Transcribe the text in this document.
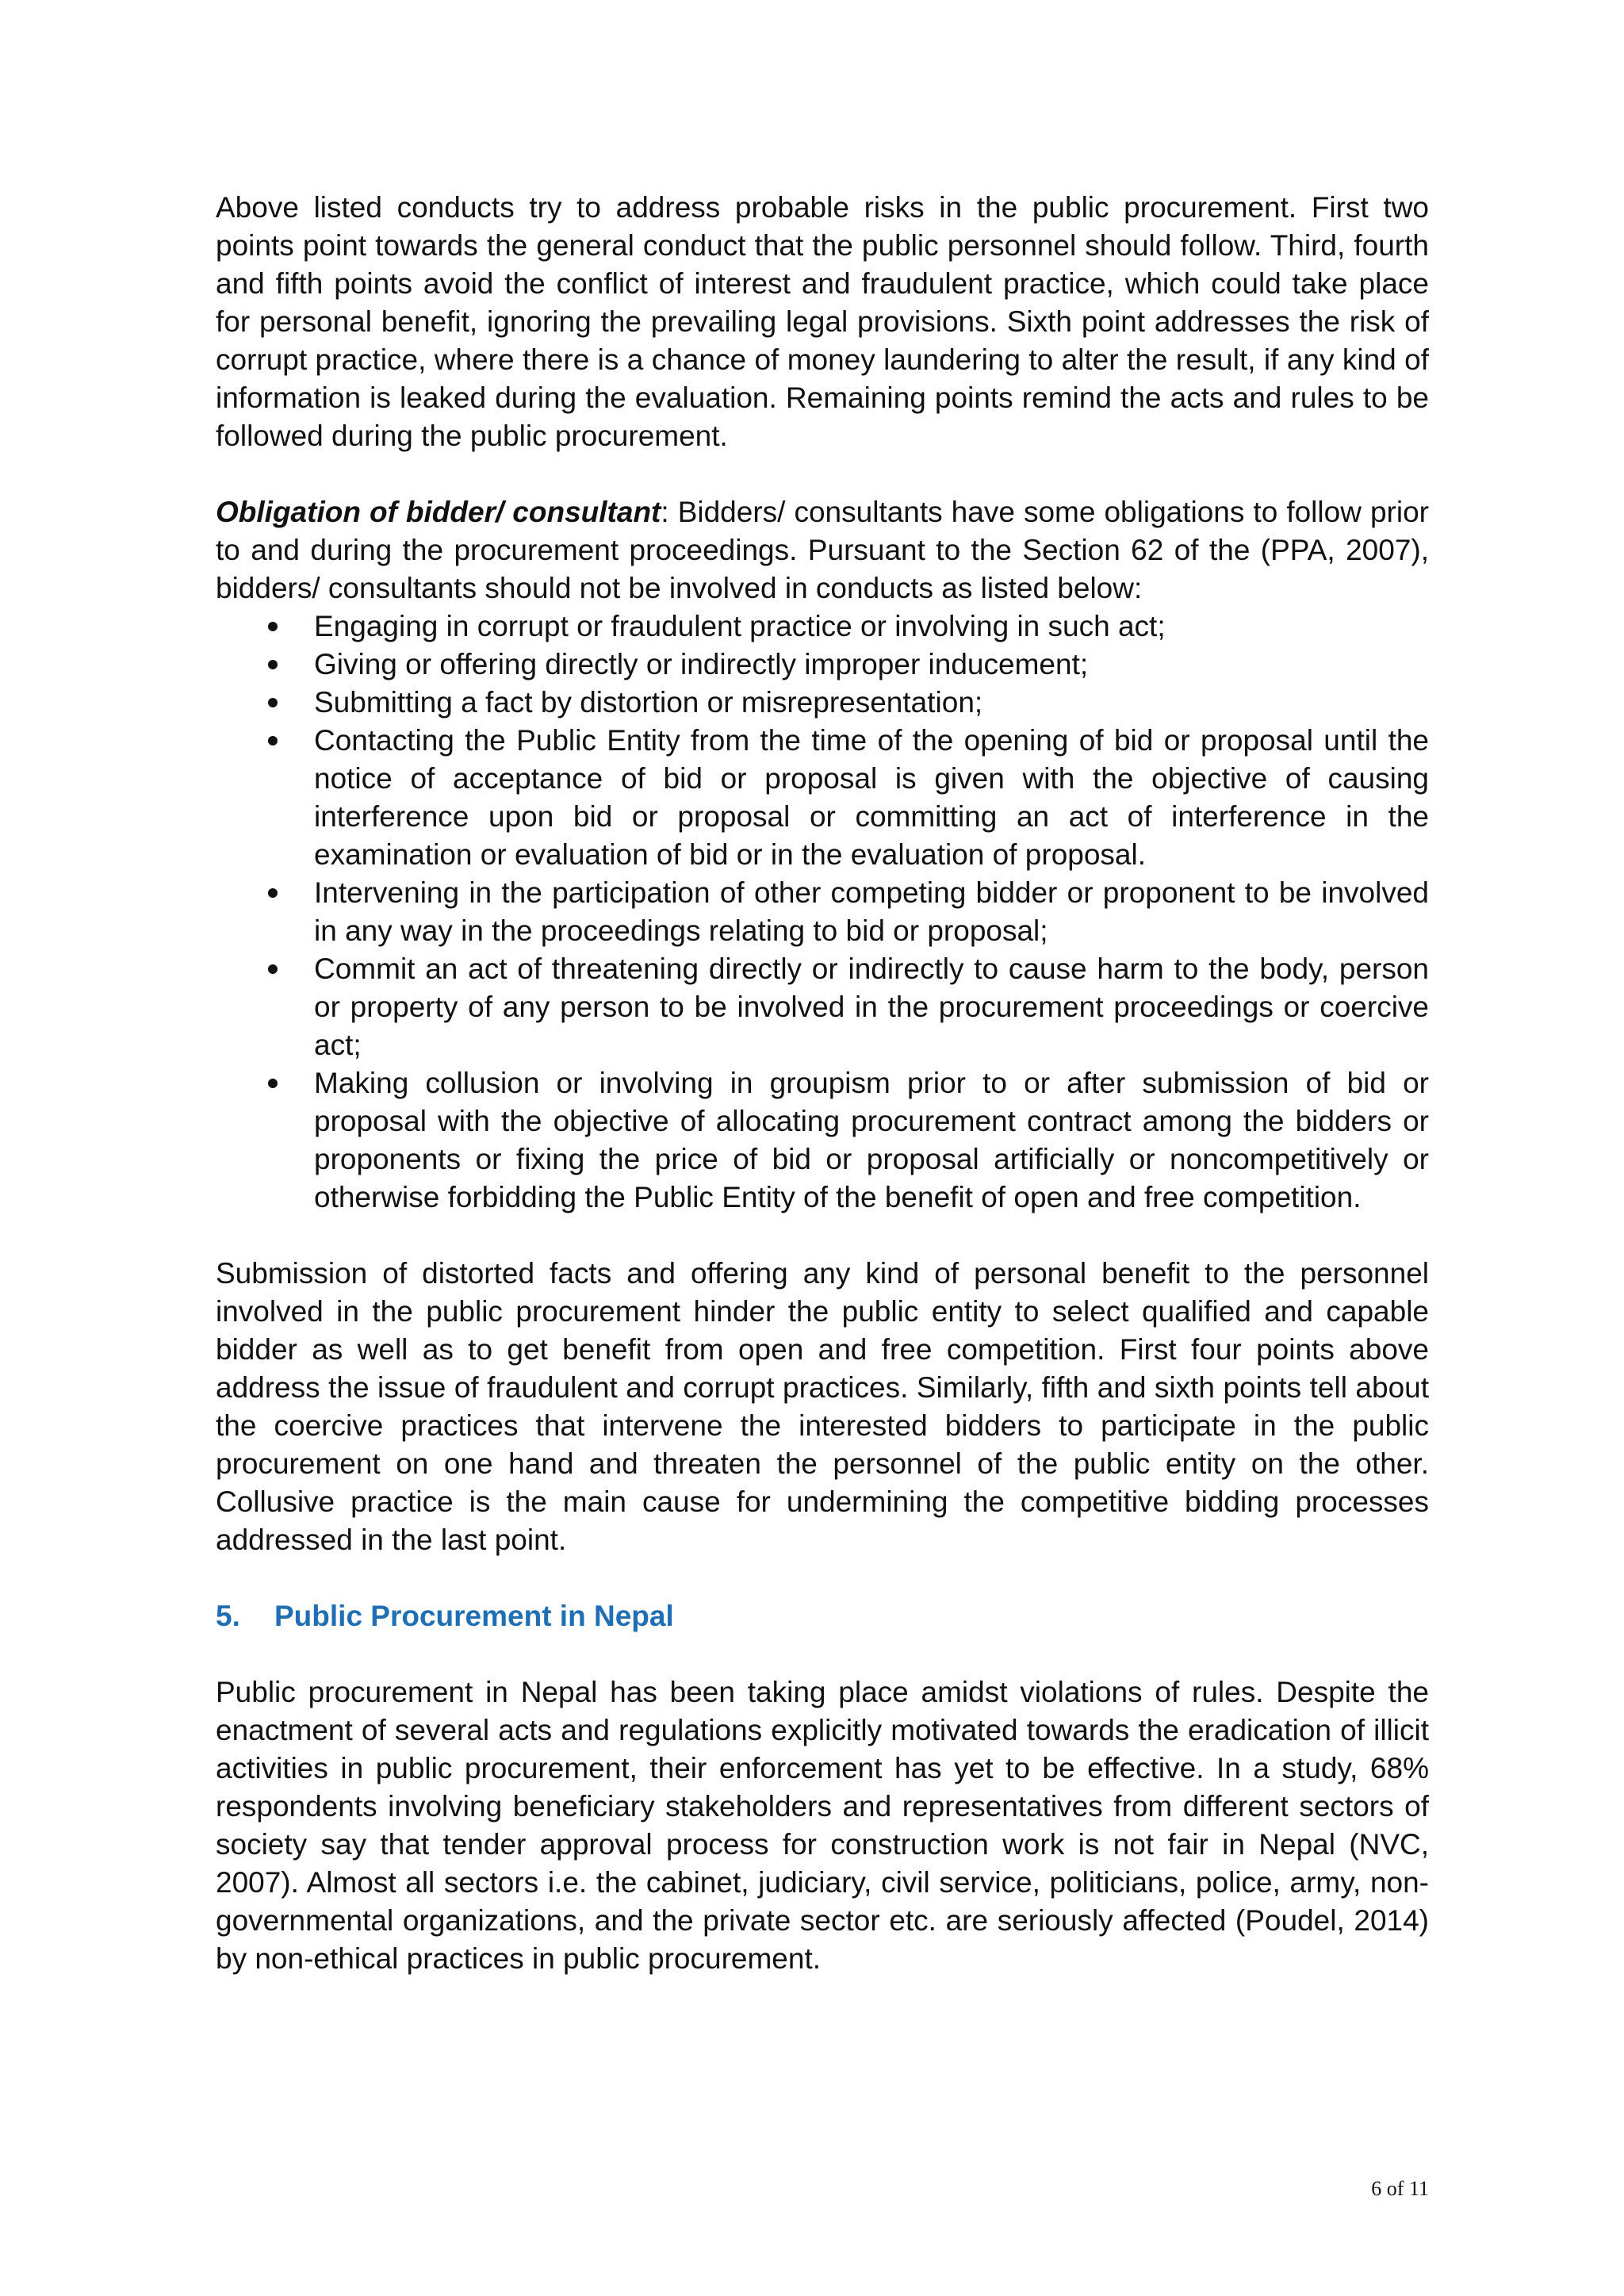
Above listed conducts try to address probable risks in the public procurement. First two points point towards the general conduct that the public personnel should follow. Third, fourth and fifth points avoid the conflict of interest and fraudulent practice, which could take place for personal benefit, ignoring the prevailing legal provisions. Sixth point addresses the risk of corrupt practice, where there is a chance of money laundering to alter the result, if any kind of information is leaked during the evaluation. Remaining points remind the acts and rules to be followed during the public procurement.

Obligation of bidder/ consultant: Bidders/ consultants have some obligations to follow prior to and during the procurement proceedings. Pursuant to the Section 62 of the (PPA, 2007), bidders/ consultants should not be involved in conducts as listed below:

Engaging in corrupt or fraudulent practice or involving in such act;
Giving or offering directly or indirectly improper inducement;
Submitting a fact by distortion or misrepresentation;
Contacting the Public Entity from the time of the opening of bid or proposal until the notice of acceptance of bid or proposal is given with the objective of causing interference upon bid or proposal or committing an act of interference in the examination or evaluation of bid or in the evaluation of proposal.
Intervening in the participation of other competing bidder or proponent to be involved in any way in the proceedings relating to bid or proposal;
Commit an act of threatening directly or indirectly to cause harm to the body, person or property of any person to be involved in the procurement proceedings or coercive act;
Making collusion or involving in groupism prior to or after submission of bid or proposal with the objective of allocating procurement contract among the bidders or proponents or fixing the price of bid or proposal artificially or noncompetitively or otherwise forbidding the Public Entity of the benefit of open and free competition.

Submission of distorted facts and offering any kind of personal benefit to the personnel involved in the public procurement hinder the public entity to select qualified and capable bidder as well as to get benefit from open and free competition. First four points above address the issue of fraudulent and corrupt practices. Similarly, fifth and sixth points tell about the coercive practices that intervene the interested bidders to participate in the public procurement on one hand and threaten the personnel of the public entity on the other. Collusive practice is the main cause for undermining the competitive bidding processes addressed in the last point.

5. Public Procurement in Nepal

Public procurement in Nepal has been taking place amidst violations of rules. Despite the enactment of several acts and regulations explicitly motivated towards the eradication of illicit activities in public procurement, their enforcement has yet to be effective. In a study, 68% respondents involving beneficiary stakeholders and representatives from different sectors of society say that tender approval process for construction work is not fair in Nepal (NVC, 2007). Almost all sectors i.e. the cabinet, judiciary, civil service, politicians, police, army, non-governmental organizations, and the private sector etc. are seriously affected (Poudel, 2014) by non-ethical practices in public procurement.

6 of 11
